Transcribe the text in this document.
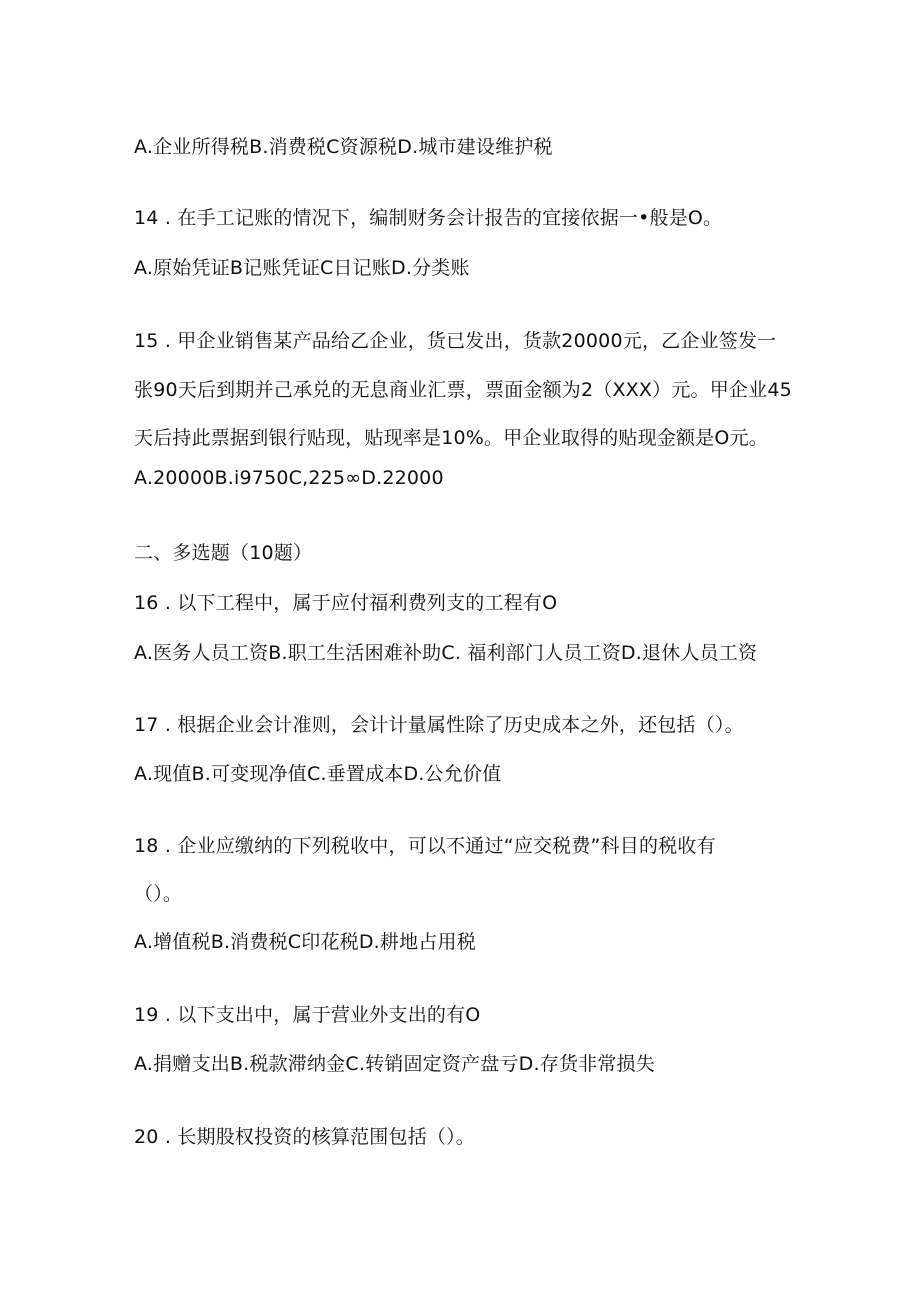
A.企业所得税B.消费税C资源税D.城市建设维护税
14 . 在手工记账的情况下，编制财务会计报告的宜接依据一•般是O。
A.原始凭证B记账凭证C日记账D.分类账
15 . 甲企业销售某产品给乙企业，货已发出，货款20000元，乙企业签发一
张90天后到期并己承兑的无息商业汇票，票面金额为2（XXX）元。甲企业45
天后持此票据到银行贴现，贴现率是10%。甲企业取得的贴现金额是O元。
A.20000B.i9750C,225∞D.22000
二、多选题（10题）
16 . 以下工程中，属于应付福利费列支的工程有O
A.医务人员工资B.职工生活困难补助C. 福利部门人员工资D.退休人员工资
17 . 根据企业会计准则，会计计量属性除了历史成本之外，还包括（）。
A.现值B.可变现净值C.垂置成本D.公允价值
18 . 企业应缴纳的下列税收中，可以不通过“应交税费”科目的税收有
（）。
A.增值税B.消费税C印花税D.耕地占用税
19 . 以下支出中，属于营业外支出的有O
A.捐赠支出B.税款滞纳金C.转销固定资产盘亏D.存货非常损失
20 . 长期股权投资的核算范围包括（）。
